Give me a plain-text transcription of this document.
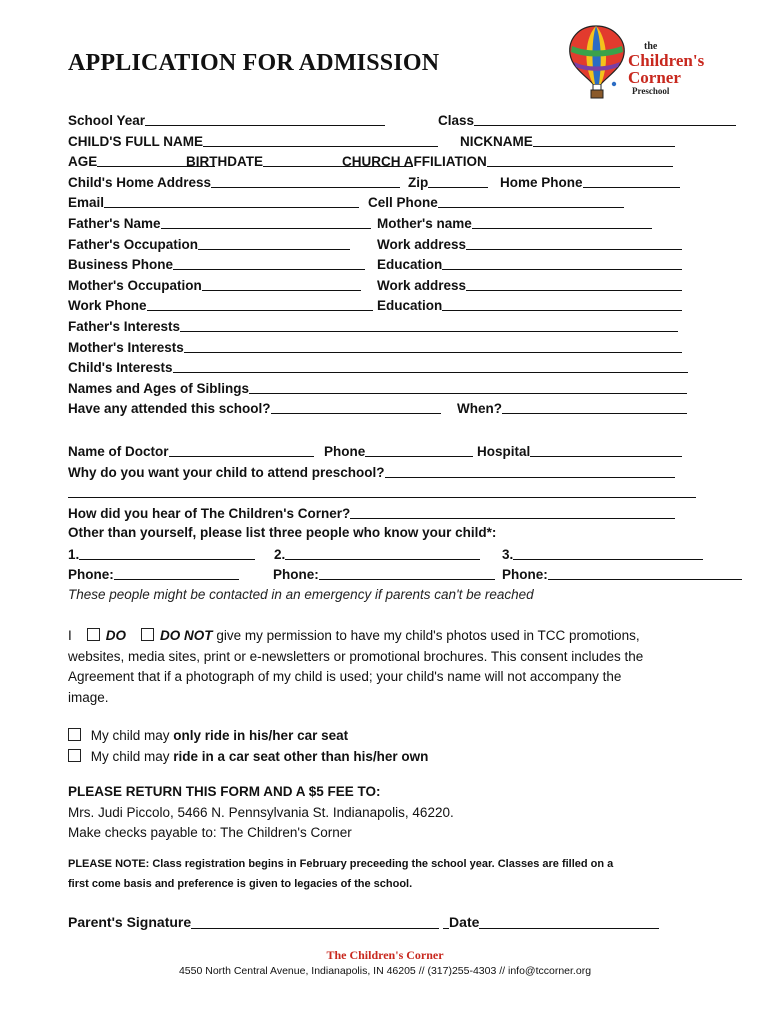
APPLICATION FOR ADMISSION
the
Children's
Corner
Preschool
School Year	Class
CHILD'S FULL NAME	NICKNAME
AGE	BIRTHDATE	CHURCH AFFILIATION
Child's Home Address	Zip	Home Phone
Email	Cell Phone
Father's Name	Mother's name
Father's Occupation	Work address
Business Phone	Education
Mother's Occupation	Work address
Work Phone	Education
Father's Interests
Mother's Interests
Child's Interests
Names and Ages of Siblings
Have any attended this school?	When?
Name of Doctor	Phone	Hospital
Why do you want your child to attend preschool?
How did you hear of The Children's Corner?
Other than yourself, please list three people who know your child*:
1.	2.	3.
Phone:	Phone:	Phone:
These people might be contacted in an emergency if parents can't be reached
I	DO	DO NOT give my permission to have my child's photos used in TCC promotions,
websites, media sites, print or e-newsletters or promotional brochures. This consent includes the
Agreement that if a photograph of my child is used; your child's name will not accompany the
image.
My child may only ride in his/her car seat
My child may ride in a car seat other than his/her own
PLEASE RETURN THIS FORM AND A $5 FEE TO:
Mrs. Judi Piccolo, 5466 N. Pennsylvania St. Indianapolis, 46220.
Make checks payable to: The Children's Corner
PLEASE NOTE: Class registration begins in February preceeding the school year. Classes are filled on a
first come basis and preference is given to legacies of the school.
Parent's Signature	Date
The Children's Corner
4550 North Central Avenue, Indianapolis, IN 46205 // (317)255-4303 // info@tccorner.org
